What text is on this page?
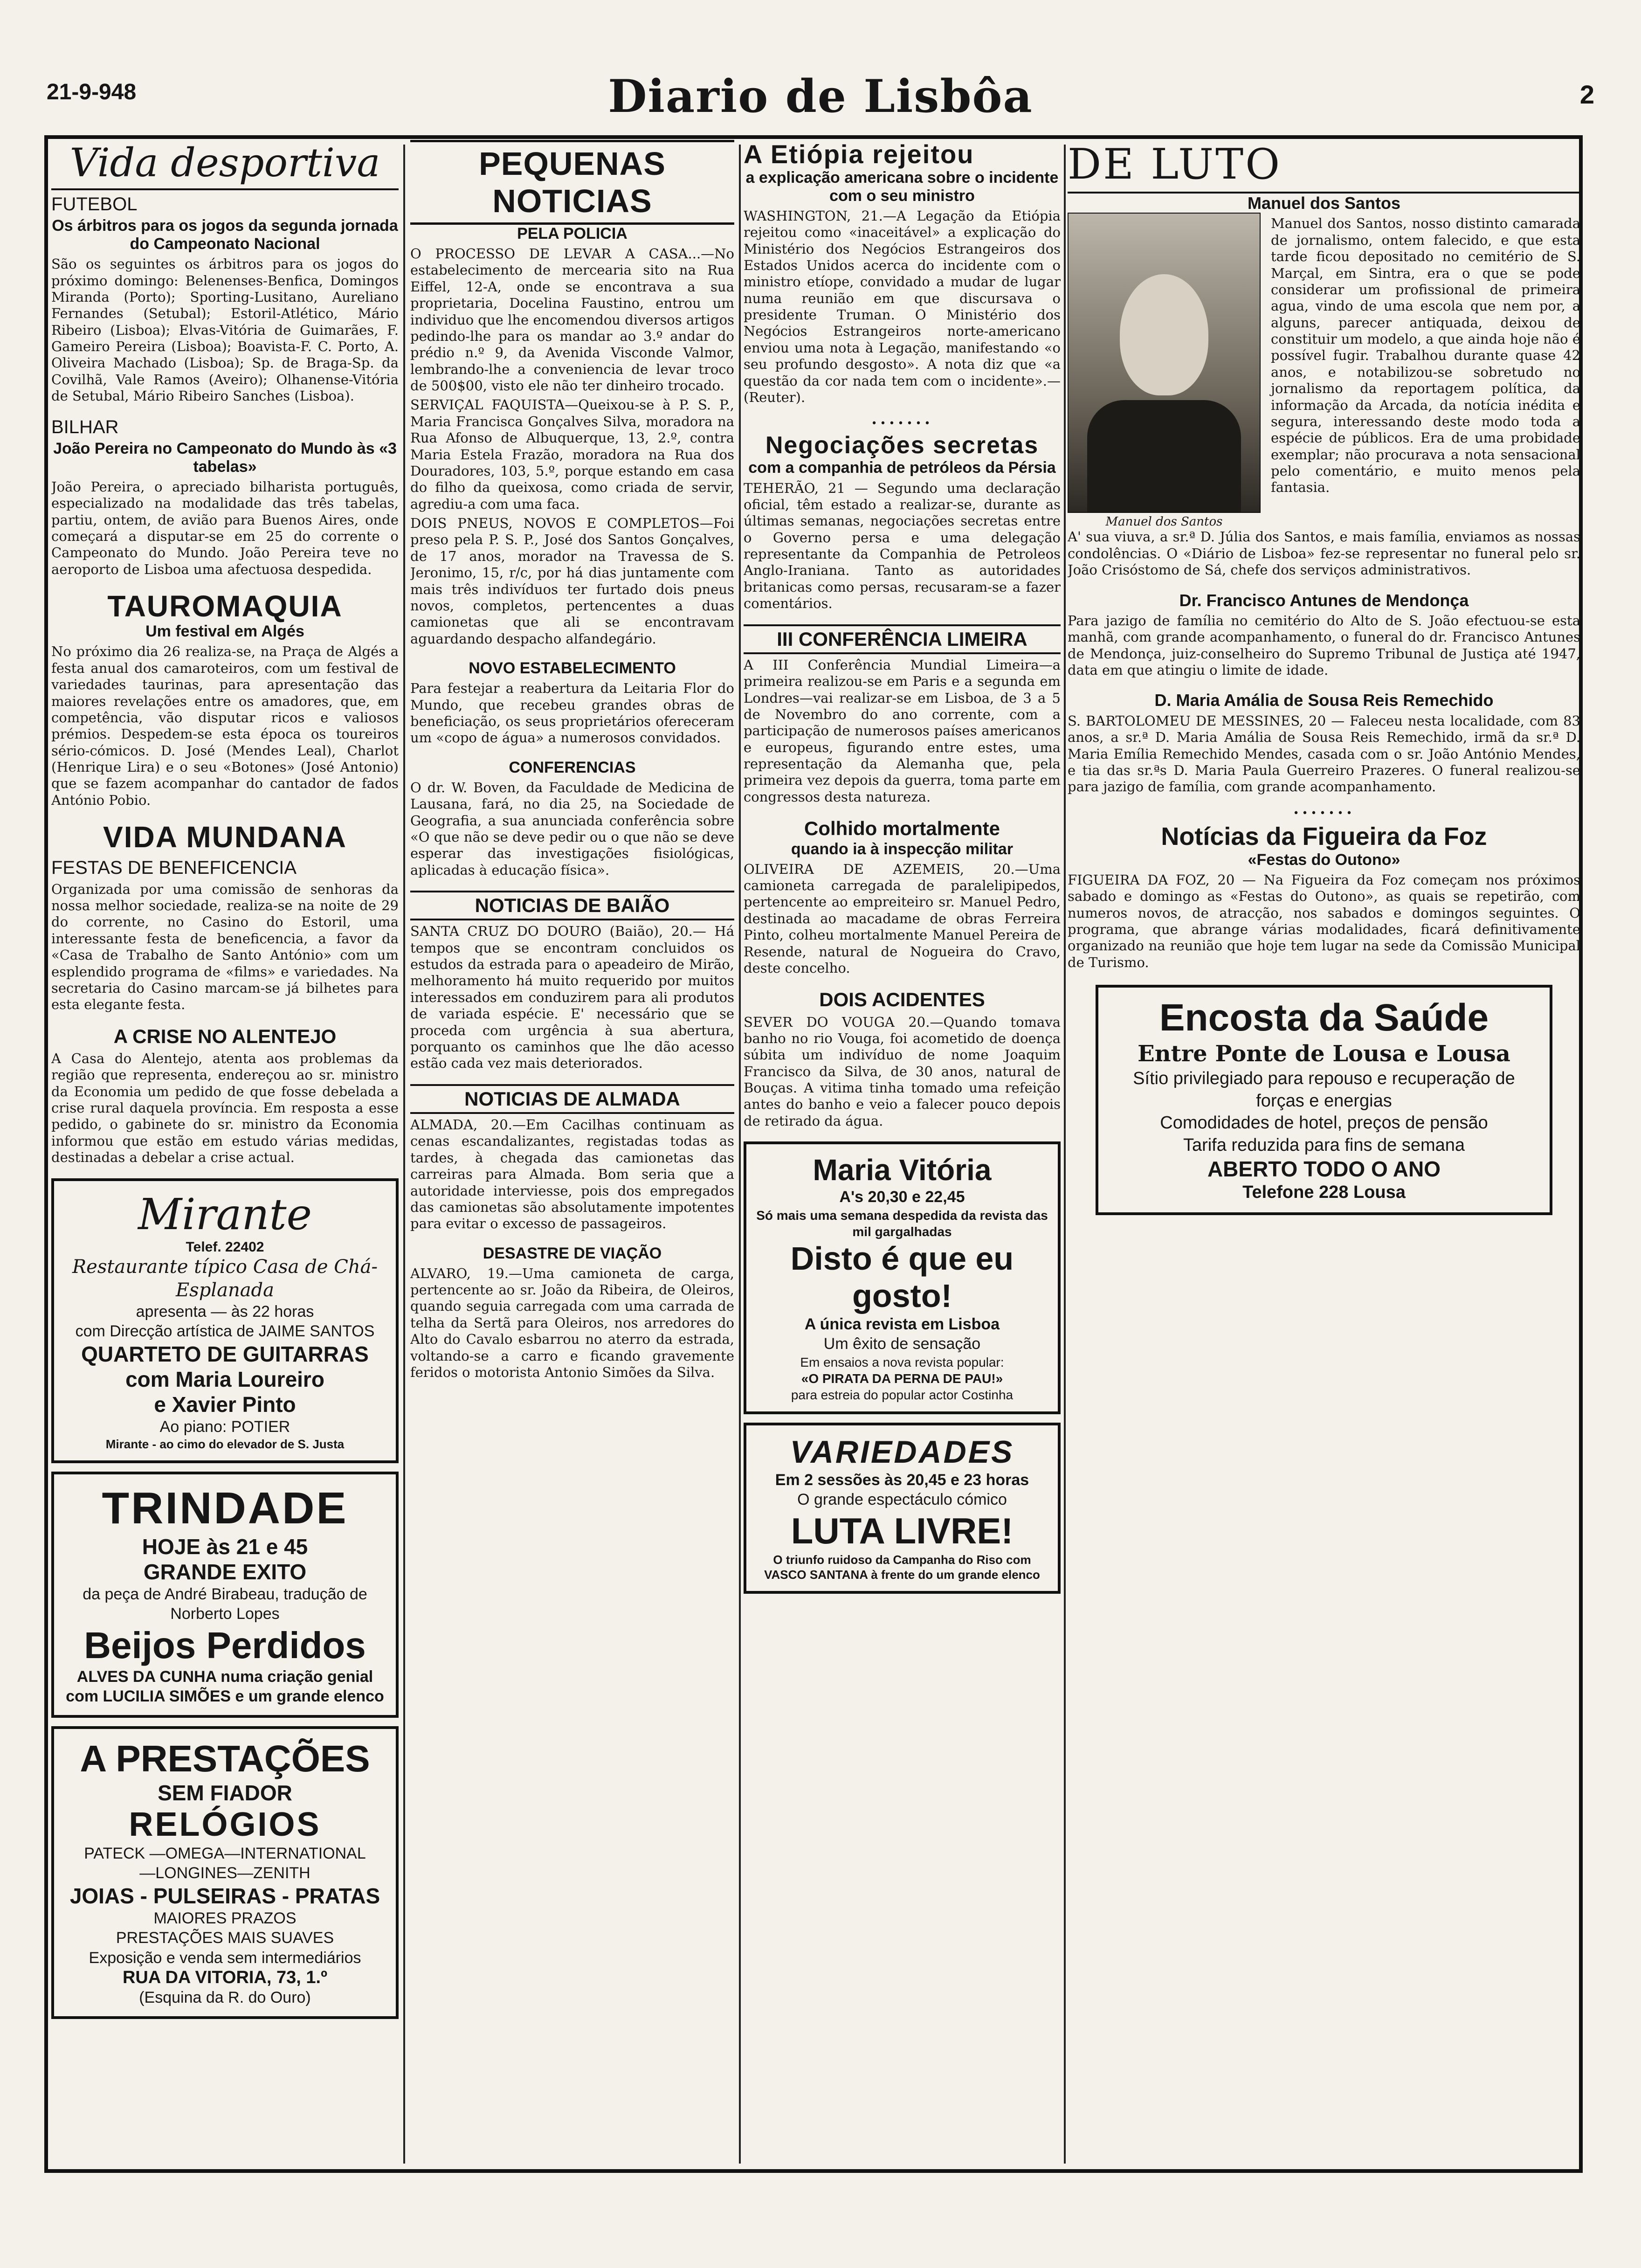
21-9-948	Diario de Lisbôa	2
Vida desportiva
FUTEBOL
Os árbitros para os jogos da segunda jornada do Campeonato Nacional
São os seguintes os árbitros para os jogos do próximo domingo: Belenenses-Benfica, Domingos Miranda (Porto); Sporting-Lusitano, Aureliano Fernandes (Setubal); Estoril-Atlético, Mário Ribeiro (Lisboa); Elvas-Vitória de Guimarães, F. Gameiro Pereira (Lisboa); Boavista-F. C. Porto, A. Oliveira Machado (Lisboa); Sp. de Braga-Sp. da Covilhã, Vale Ramos (Aveiro); Olhanense-Vitória de Setubal, Mário Ribeiro Sanches (Lisboa).
BILHAR
João Pereira no Campeonato do Mundo às «3 tabelas»
João Pereira, o apreciado bilharista português, especializado na modalidade das três tabelas, partiu, ontem, de avião para Buenos Aires, onde começará a disputar-se em 25 do corrente o Campeonato do Mundo. João Pereira teve no aeroporto de Lisboa uma afectuosa despedida.
TAUROMAQUIA
Um festival em Algés
No próximo dia 26 realiza-se, na Praça de Algés a festa anual dos camaroteiros, com um festival de variedades taurinas, para apresentação das maiores revelações entre os amadores, que, em competência, vão disputar ricos e valiosos prémios. Despedem-se esta época os toureiros sério-cómicos. D. José (Mendes Leal), Charlot (Henrique Lira) e o seu «Botones» (José Antonio) que se fazem acompanhar do cantador de fados António Pobio.
VIDA MUNDANA
FESTAS DE BENEFICENCIA
Organizada por uma comissão de senhoras da nossa melhor sociedade, realiza-se na noite de 29 do corrente, no Casino do Estoril, uma interessante festa de beneficencia, a favor da «Casa de Trabalho de Santo António» com um esplendido programa de «films» e variedades. Na secretaria do Casino marcam-se já bilhetes para esta elegante festa.
A CRISE NO ALENTEJO
A Casa do Alentejo, atenta aos problemas da região que representa, endereçou ao sr. ministro da Economia um pedido de que fosse debelada a crise rural daquela província. Em resposta a esse pedido, o gabinete do sr. ministro da Economia informou que estão em estudo várias medidas, destinadas a debelar a crise actual.
Mirante
Telef. 22402
Restaurante típico Casa de Chá-Esplanada
apresenta — às 22 horas
com Direcção artística de JAIME SANTOS
QUARTETO DE GUITARRAS
com Maria Loureiro
e Xavier Pinto
Ao piano: POTIER
Mirante - ao cimo do elevador de S. Justa
TRINDADE
HOJE às 21 e 45
GRANDE EXITO
da peça de André Birabeau, tradução de Norberto Lopes
Beijos Perdidos
ALVES DA CUNHA numa criação genial
com LUCILIA SIMÕES e um grande elenco
A PRESTAÇÕES
SEM FIADOR
RELÓGIOS
PATECK —OMEGA—INTERNATIONAL
—LONGINES—ZENITH
JOIAS - PULSEIRAS - PRATAS
MAIORES PRAZOS
PRESTAÇÕES MAIS SUAVES
Exposição e venda sem intermediários
RUA DA VITORIA, 73, 1.º
(Esquina da R. do Ouro)
PEQUENAS NOTICIAS
PELA POLICIA
O PROCESSO DE LEVAR A CASA...—No estabelecimento de mercearia sito na Rua Eiffel, 12-A, onde se encontrava a sua proprietaria, Docelina Faustino, entrou um individuo que lhe encomendou diversos artigos pedindo-lhe para os mandar ao 3.º andar do prédio n.º 9, da Avenida Visconde Valmor, lembrando-lhe a conveniencia de levar troco de 500$00, visto ele não ter dinheiro trocado.
SERVIÇAL FAQUISTA—Queixou-se à P. S. P., Maria Francisca Gonçalves Silva, moradora na Rua Afonso de Albuquerque, 13, 2.º, contra Maria Estela Frazão, moradora na Rua dos Douradores, 103, 5.º, porque estando em casa do filho da queixosa, como criada de servir, agrediu-a com uma faca.
DOIS PNEUS, NOVOS E COMPLETOS—Foi preso pela P. S. P., José dos Santos Gonçalves, de 17 anos, morador na Travessa de S. Jeronimo, 15, r/c, por há dias juntamente com mais três indivíduos ter furtado dois pneus novos, completos, pertencentes a duas camionetas que ali se encontravam aguardando despacho alfandegário.
NOVO ESTABELECIMENTO
Para festejar a reabertura da Leitaria Flor do Mundo, que recebeu grandes obras de beneficiação, os seus proprietários ofereceram um «copo de água» a numerosos convidados.
CONFERENCIAS
O dr. W. Boven, da Faculdade de Medicina de Lausana, fará, no dia 25, na Sociedade de Geografia, a sua anunciada conferência sobre «O que não se deve pedir ou o que não se deve esperar das investigações fisiológicas, aplicadas à educação física».
NOTICIAS DE BAIÃO
SANTA CRUZ DO DOURO (Baião), 20.— Há tempos que se encontram concluidos os estudos da estrada para o apeadeiro de Mirão, melhoramento há muito requerido por muitos interessados em conduzirem para ali produtos de variada espécie. E' necessário que se proceda com urgência à sua abertura, porquanto os caminhos que lhe dão acesso estão cada vez mais deteriorados.
NOTICIAS DE ALMADA
ALMADA, 20.—Em Cacilhas continuam as cenas escandalizantes, registadas todas as tardes, à chegada das camionetas das carreiras para Almada. Bom seria que a autoridade interviesse, pois dos empregados das camionetas são absolutamente impotentes para evitar o excesso de passageiros.
DESASTRE DE VIAÇÃO
ALVARO, 19.—Uma camioneta de carga, pertencente ao sr. João da Ribeira, de Oleiros, quando seguia carregada com uma carrada de telha da Sertã para Oleiros, nos arredores do Alto do Cavalo esbarrou no aterro da estrada, voltando-se a carro e ficando gravemente feridos o motorista Antonio Simões da Silva.
A Etiópia rejeitou
a explicação americana sobre o incidente com o seu ministro
WASHINGTON, 21.—A Legação da Etiópia rejeitou como «inaceitável» a explicação do Ministério dos Negócios Estrangeiros dos Estados Unidos acerca do incidente com o ministro etíope, convidado a mudar de lugar numa reunião em que discursava o presidente Truman. O Ministério dos Negócios Estrangeiros norte-americano enviou uma nota à Legação, manifestando «o seu profundo desgosto». A nota diz que «a questão da cor nada tem com o incidente».—(Reuter).
•••••••
Negociações secretas
com a companhia de petróleos da Pérsia
TEHERÃO, 21 — Segundo uma declaração oficial, têm estado a realizar-se, durante as últimas semanas, negociações secretas entre o Governo persa e uma delegação representante da Companhia de Petroleos Anglo-Iraniana. Tanto as autoridades britanicas como persas, recusaram-se a fazer comentários.
III CONFERÊNCIA LIMEIRA
A III Conferência Mundial Limeira—a primeira realizou-se em Paris e a segunda em Londres—vai realizar-se em Lisboa, de 3 a 5 de Novembro do ano corrente, com a participação de numerosos países americanos e europeus, figurando entre estes, uma representação da Alemanha que, pela primeira vez depois da guerra, toma parte em congressos desta natureza.
Colhido mortalmente
quando ia à inspecção militar
OLIVEIRA DE AZEMEIS, 20.—Uma camioneta carregada de paralelipipedos, pertencente ao empreiteiro sr. Manuel Pedro, destinada ao macadame de obras Ferreira Pinto, colheu mortalmente Manuel Pereira de Resende, natural de Nogueira do Cravo, deste concelho.
DOIS ACIDENTES
SEVER DO VOUGA 20.—Quando tomava banho no rio Vouga, foi acometido de doença súbita um indivíduo de nome Joaquim Francisco da Silva, de 30 anos, natural de Bouças. A vitima tinha tomado uma refeição antes do banho e veio a falecer pouco depois de retirado da água.
Maria Vitória
A's 20,30 e 22,45
Só mais uma semana despedida da revista das mil gargalhadas
Disto é que eu gosto!
A única revista em Lisboa
Um êxito de sensação
Em ensaios a nova revista popular:
«O PIRATA DA PERNA DE PAU!»
para estreia do popular actor Costinha
VARIEDADES
Em 2 sessões às 20,45 e 23 horas
O grande espectáculo cómico
LUTA LIVRE!
O triunfo ruidoso da Campanha do Riso com VASCO SANTANA à frente do um grande elenco
DE LUTO
Manuel dos Santos
Manuel dos Santos
Manuel dos Santos, nosso distinto camarada de jornalismo, ontem falecido, e que esta tarde ficou depositado no cemitério de S. Marçal, em Sintra, era o que se pode considerar um profissional de primeira agua, vindo de uma escola que nem por, a alguns, parecer antiquada, deixou de constituir um modelo, a que ainda hoje não é possível fugir. Trabalhou durante quase 42 anos, e notabilizou-se sobretudo no jornalismo da reportagem política, da informação da Arcada, da notícia inédita e segura, interessando deste modo toda a espécie de públicos. Era de uma probidade exemplar; não procurava a nota sensacional pelo comentário, e muito menos pela fantasia.
A' sua viuva, a sr.ª D. Júlia dos Santos, e mais família, enviamos as nossas condolências. O «Diário de Lisboa» fez-se representar no funeral pelo sr. João Crisóstomo de Sá, chefe dos serviços administrativos.
Dr. Francisco Antunes de Mendonça
Para jazigo de família no cemitério do Alto de S. João efectuou-se esta manhã, com grande acompanhamento, o funeral do dr. Francisco Antunes de Mendonça, juiz-conselheiro do Supremo Tribunal de Justiça até 1947, data em que atingiu o limite de idade.
D. Maria Amália de Sousa Reis Remechido
S. BARTOLOMEU DE MESSINES, 20 — Faleceu nesta localidade, com 83 anos, a sr.ª D. Maria Amália de Sousa Reis Remechido, irmã da sr.ª D. Maria Emília Remechido Mendes, casada com o sr. João António Mendes, e tia das sr.ªs D. Maria Paula Guerreiro Prazeres. O funeral realizou-se para jazigo de família, com grande acompanhamento.
•••••••
Notícias da Figueira da Foz
«Festas do Outono»
FIGUEIRA DA FOZ, 20 — Na Figueira da Foz começam nos próximos sabado e domingo as «Festas do Outono», as quais se repetirão, com numeros novos, de atracção, nos sabados e domingos seguintes. O programa, que abrange várias modalidades, ficará definitivamente organizado na reunião que hoje tem lugar na sede da Comissão Municipal de Turismo.
Encosta da Saúde
Entre Ponte de Lousa e Lousa
Sítio privilegiado para repouso e recuperação de forças e energias
Comodidades de hotel, preços de pensão
Tarifa reduzida para fins de semana
ABERTO TODO O ANO
Telefone 228 Lousa
